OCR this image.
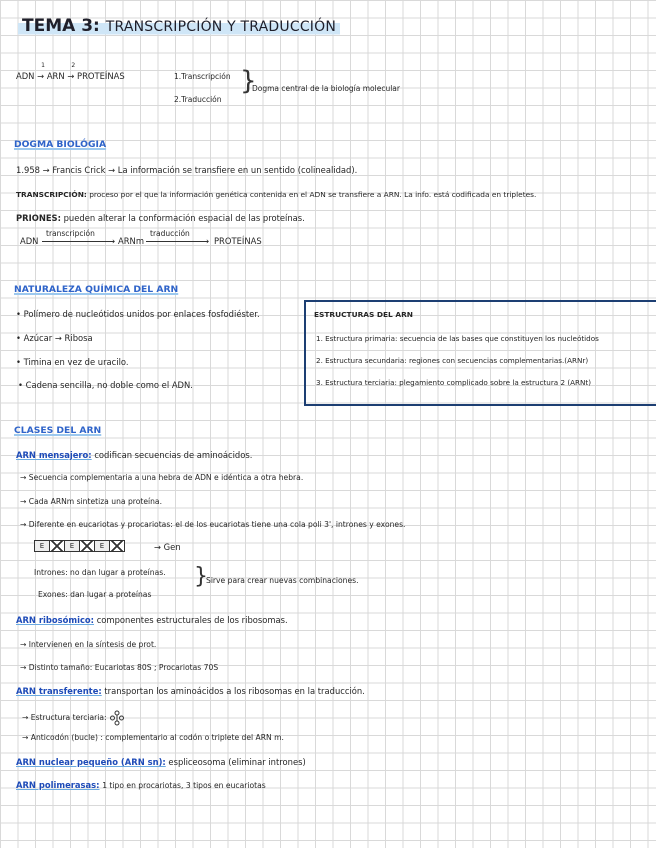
TEMA 3: TRANSCRIPCIÓN Y TRADUCCIÓN
ADN →
1
ARN →
2
PROTEÍNAS	1.Transcripción
2.Traducción
}
Dogma central de la biología molecular
DOGMA BIOLÓGIA
1.958 → Francis Crick → La información se transfiere en un sentido (colinealidad).
TRANSCRIPCIÓN: proceso por el que la información genética contenida en el ADN se transfiere a ARN. La info. está codificada en tripletes.
PRIONES: pueden alterar la conformación espacial de las proteínas.
ADN
transcripción
› ARNm
traducción
› PROTEÍNAS
NATURALEZA QUÍMICA DEL ARN
• Polímero de nucleótidos unidos por enlaces fosfodiéster.
• Azúcar → Ribosa
• Timina en vez de uracilo.
• Cadena sencilla, no doble como el ADN.
ESTRUCTURAS DEL ARN
1. Estructura primaria: secuencia de las bases que constituyen los nucleótidos
2. Estructura secundaria: regiones con secuencias complementarias.(ARNr)
3. Estructura terciaria: plegamiento complicado sobre la estructura 2 (ARNt)
CLASES DEL ARN
ARN mensajero: codifican secuencias de aminoácidos.
→ Secuencia complementaria a una hebra de ADN e idéntica a otra hebra.
→ Cada ARNm sintetiza una proteína.
→ Diferente en eucariotas y procariotas: el de los eucariotas tiene una cola poli 3', intrones y exones.
E	E	E	→ Gen
Intrones: no dan lugar a proteínas.
Exones: dan lugar a proteínas
}
Sirve para crear nuevas combinaciones.
ARN ribosómico: componentes estructurales de los ribosomas.
→ Intervienen en la síntesis de prot.
→ Distinto tamaño: Eucariotas 80S ; Procariotas 70S
ARN transferente: transportan los aminoácidos a los ribosomas en la traducción.
→ Estructura terciaria:
→ Anticodón (bucle) : complementario al codón o triplete del ARN m.
ARN nuclear pequeño (ARN sn): espliceosoma (eliminar intrones)
ARN polimerasas: 1 tipo en procariotas, 3 tipos en eucariotas
